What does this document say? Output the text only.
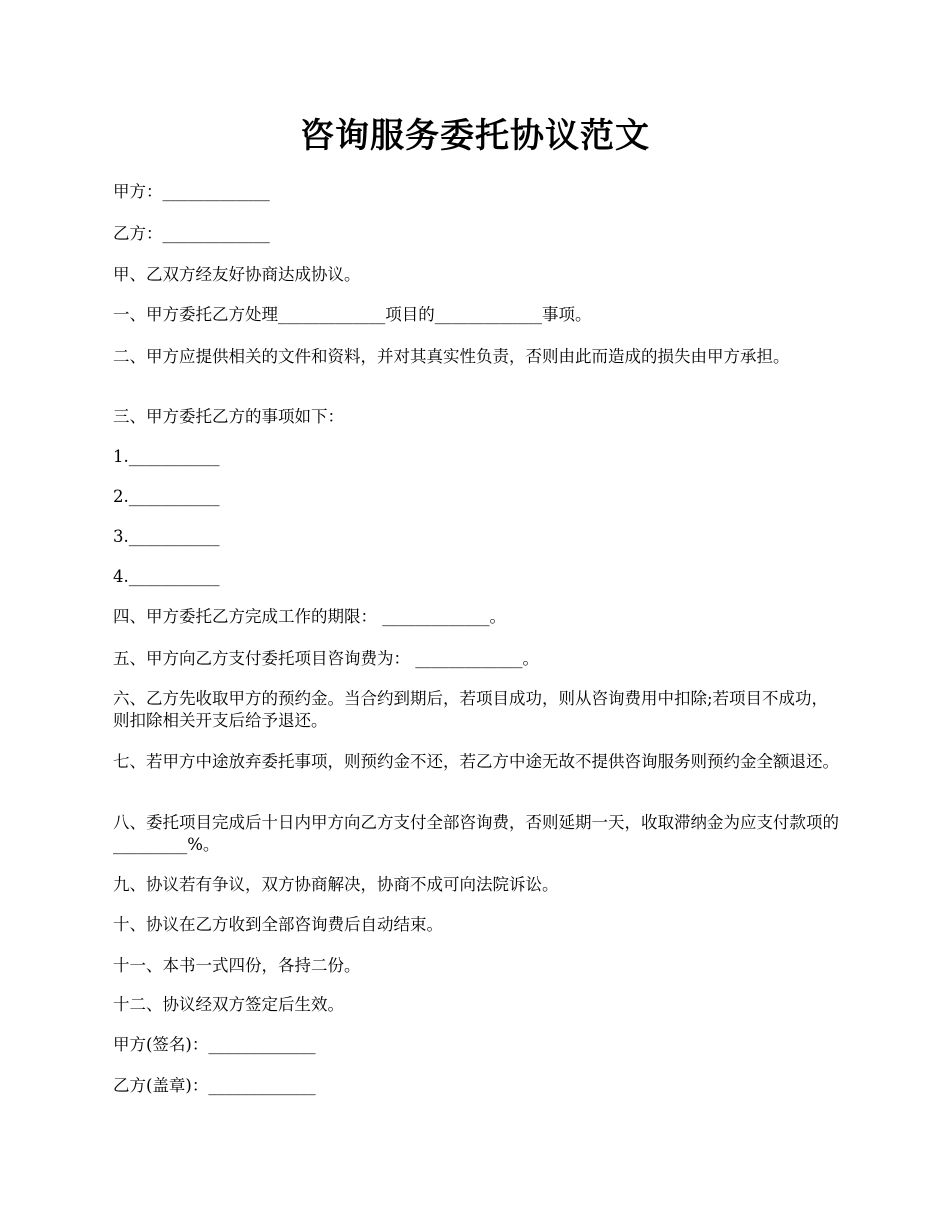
咨询服务委托协议范文
甲方：_____________
乙方：_____________
甲、乙双方经友好协商达成协议。
一、甲方委托乙方处理_____________项目的_____________事项。
二、甲方应提供相关的文件和资料，并对其真实性负责，否则由此而造成的损失由甲方承担。
三、甲方委托乙方的事项如下：
1.___________
2.___________
3.___________
4.___________
四、甲方委托乙方完成工作的期限： _____________。
五、甲方向乙方支付委托项目咨询费为： _____________。
六、乙方先收取甲方的预约金。当合约到期后，若项目成功，则从咨询费用中扣除;若项目不成功，则扣除相关开支后给予退还。
七、若甲方中途放弃委托事项，则预约金不还，若乙方中途无故不提供咨询服务则预约金全额退还。
八、委托项目完成后十日内甲方向乙方支付全部咨询费，否则延期一天，收取滞纳金为应支付款项的_________%。
九、协议若有争议，双方协商解决，协商不成可向法院诉讼。
十、协议在乙方收到全部咨询费后自动结束。
十一、本书一式四份，各持二份。
十二、协议经双方签定后生效。
甲方(签名)：_____________
乙方(盖章)：_____________
